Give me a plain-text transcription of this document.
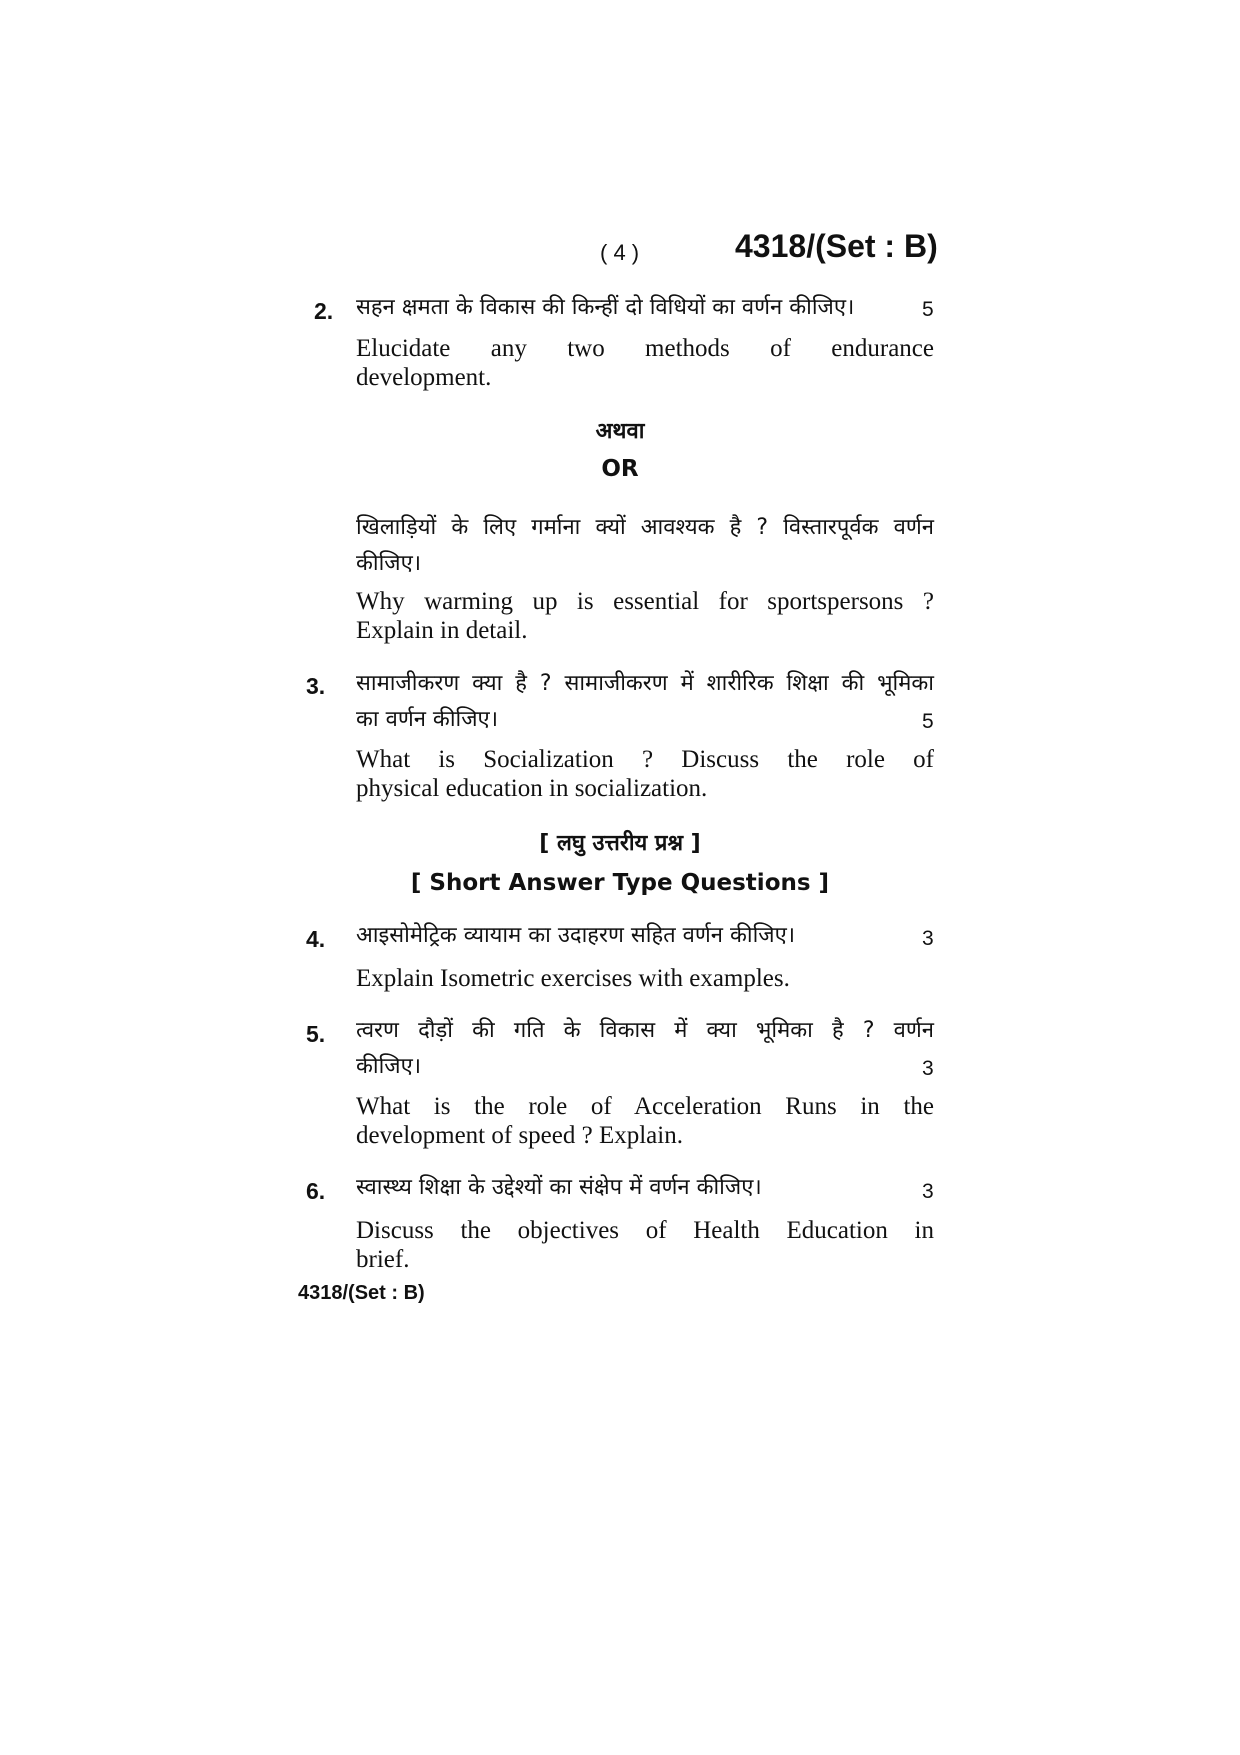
( 4 )	4318/(Set : B)
2. सहन क्षमता के विकास की किन्हीं दो विधियों का वर्णन कीजिए।	5
Elucidate any two methods of endurance
development.
अथवा
OR
खिलाड़ियों के लिए गर्माना क्यों आवश्यक है ? विस्तारपूर्वक वर्णन
कीजिए।
Why warming up is essential for sportspersons ?
Explain in detail.
3. सामाजीकरण क्या है ? सामाजीकरण में शारीरिक शिक्षा की भूमिका
का वर्णन कीजिए।	5
What is Socialization ? Discuss the role of
physical education in socialization.
[ लघु उत्तरीय प्रश्न ]
[ Short Answer Type Questions ]
4. आइसोमेट्रिक व्यायाम का उदाहरण सहित वर्णन कीजिए।	3
Explain Isometric exercises with examples.
5. त्वरण दौड़ों की गति के विकास में क्या भूमिका है ? वर्णन
कीजिए।	3
What is the role of Acceleration Runs in the
development of speed ? Explain.
6. स्वास्थ्य शिक्षा के उद्देश्यों का संक्षेप में वर्णन कीजिए।	3
Discuss the objectives of Health Education in
brief.
4318/(Set : B)
